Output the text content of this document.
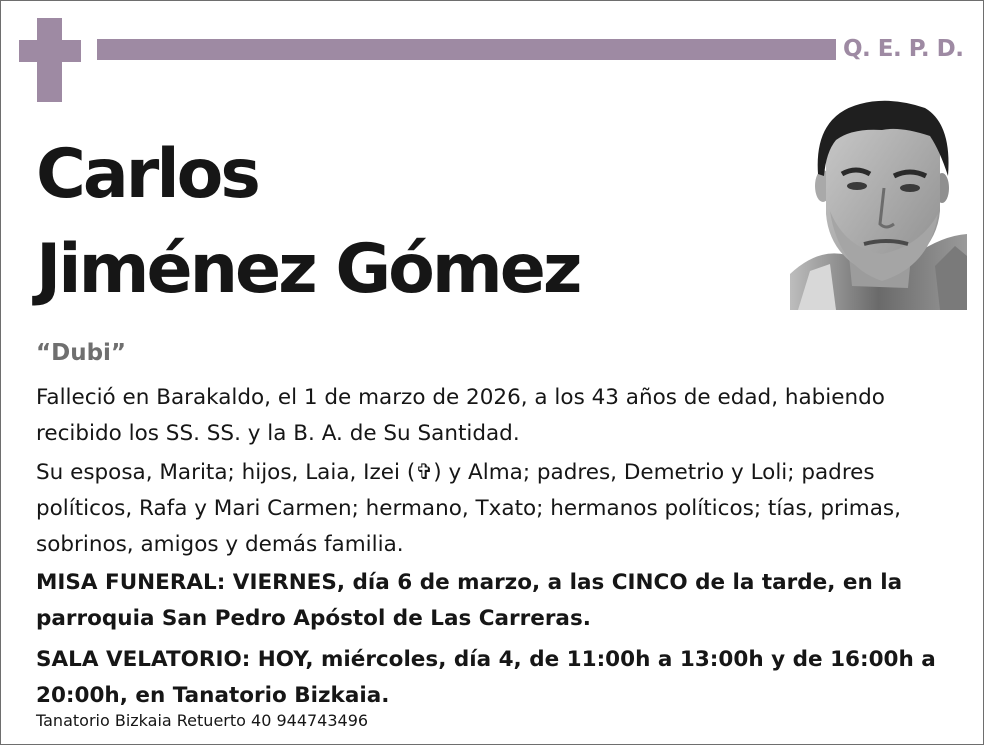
Q. E. P. D.
Carlos
Jiménez Gómez
“Dubi”
Falleció en Barakaldo, el 1 de marzo de 2026, a los 43 años de edad, habiendo recibido los SS. SS. y la B. A. de Su Santidad.
Su esposa, Marita; hijos, Laia, Izei (✞) y Alma; padres, Demetrio y Loli; padres políticos, Rafa y Mari Carmen; hermano, Txato; hermanos políticos; tías, primas, sobrinos, amigos y demás familia.
MISA FUNERAL: VIERNES, día 6 de marzo, a las CINCO de la tarde, en la parroquia San Pedro Apóstol de Las Carreras.
SALA VELATORIO: HOY, miércoles, día 4, de 11:00h a 13:00h y de 16:00h a 20:00h, en Tanatorio Bizkaia.
Tanatorio Bizkaia Retuerto 40 944743496
